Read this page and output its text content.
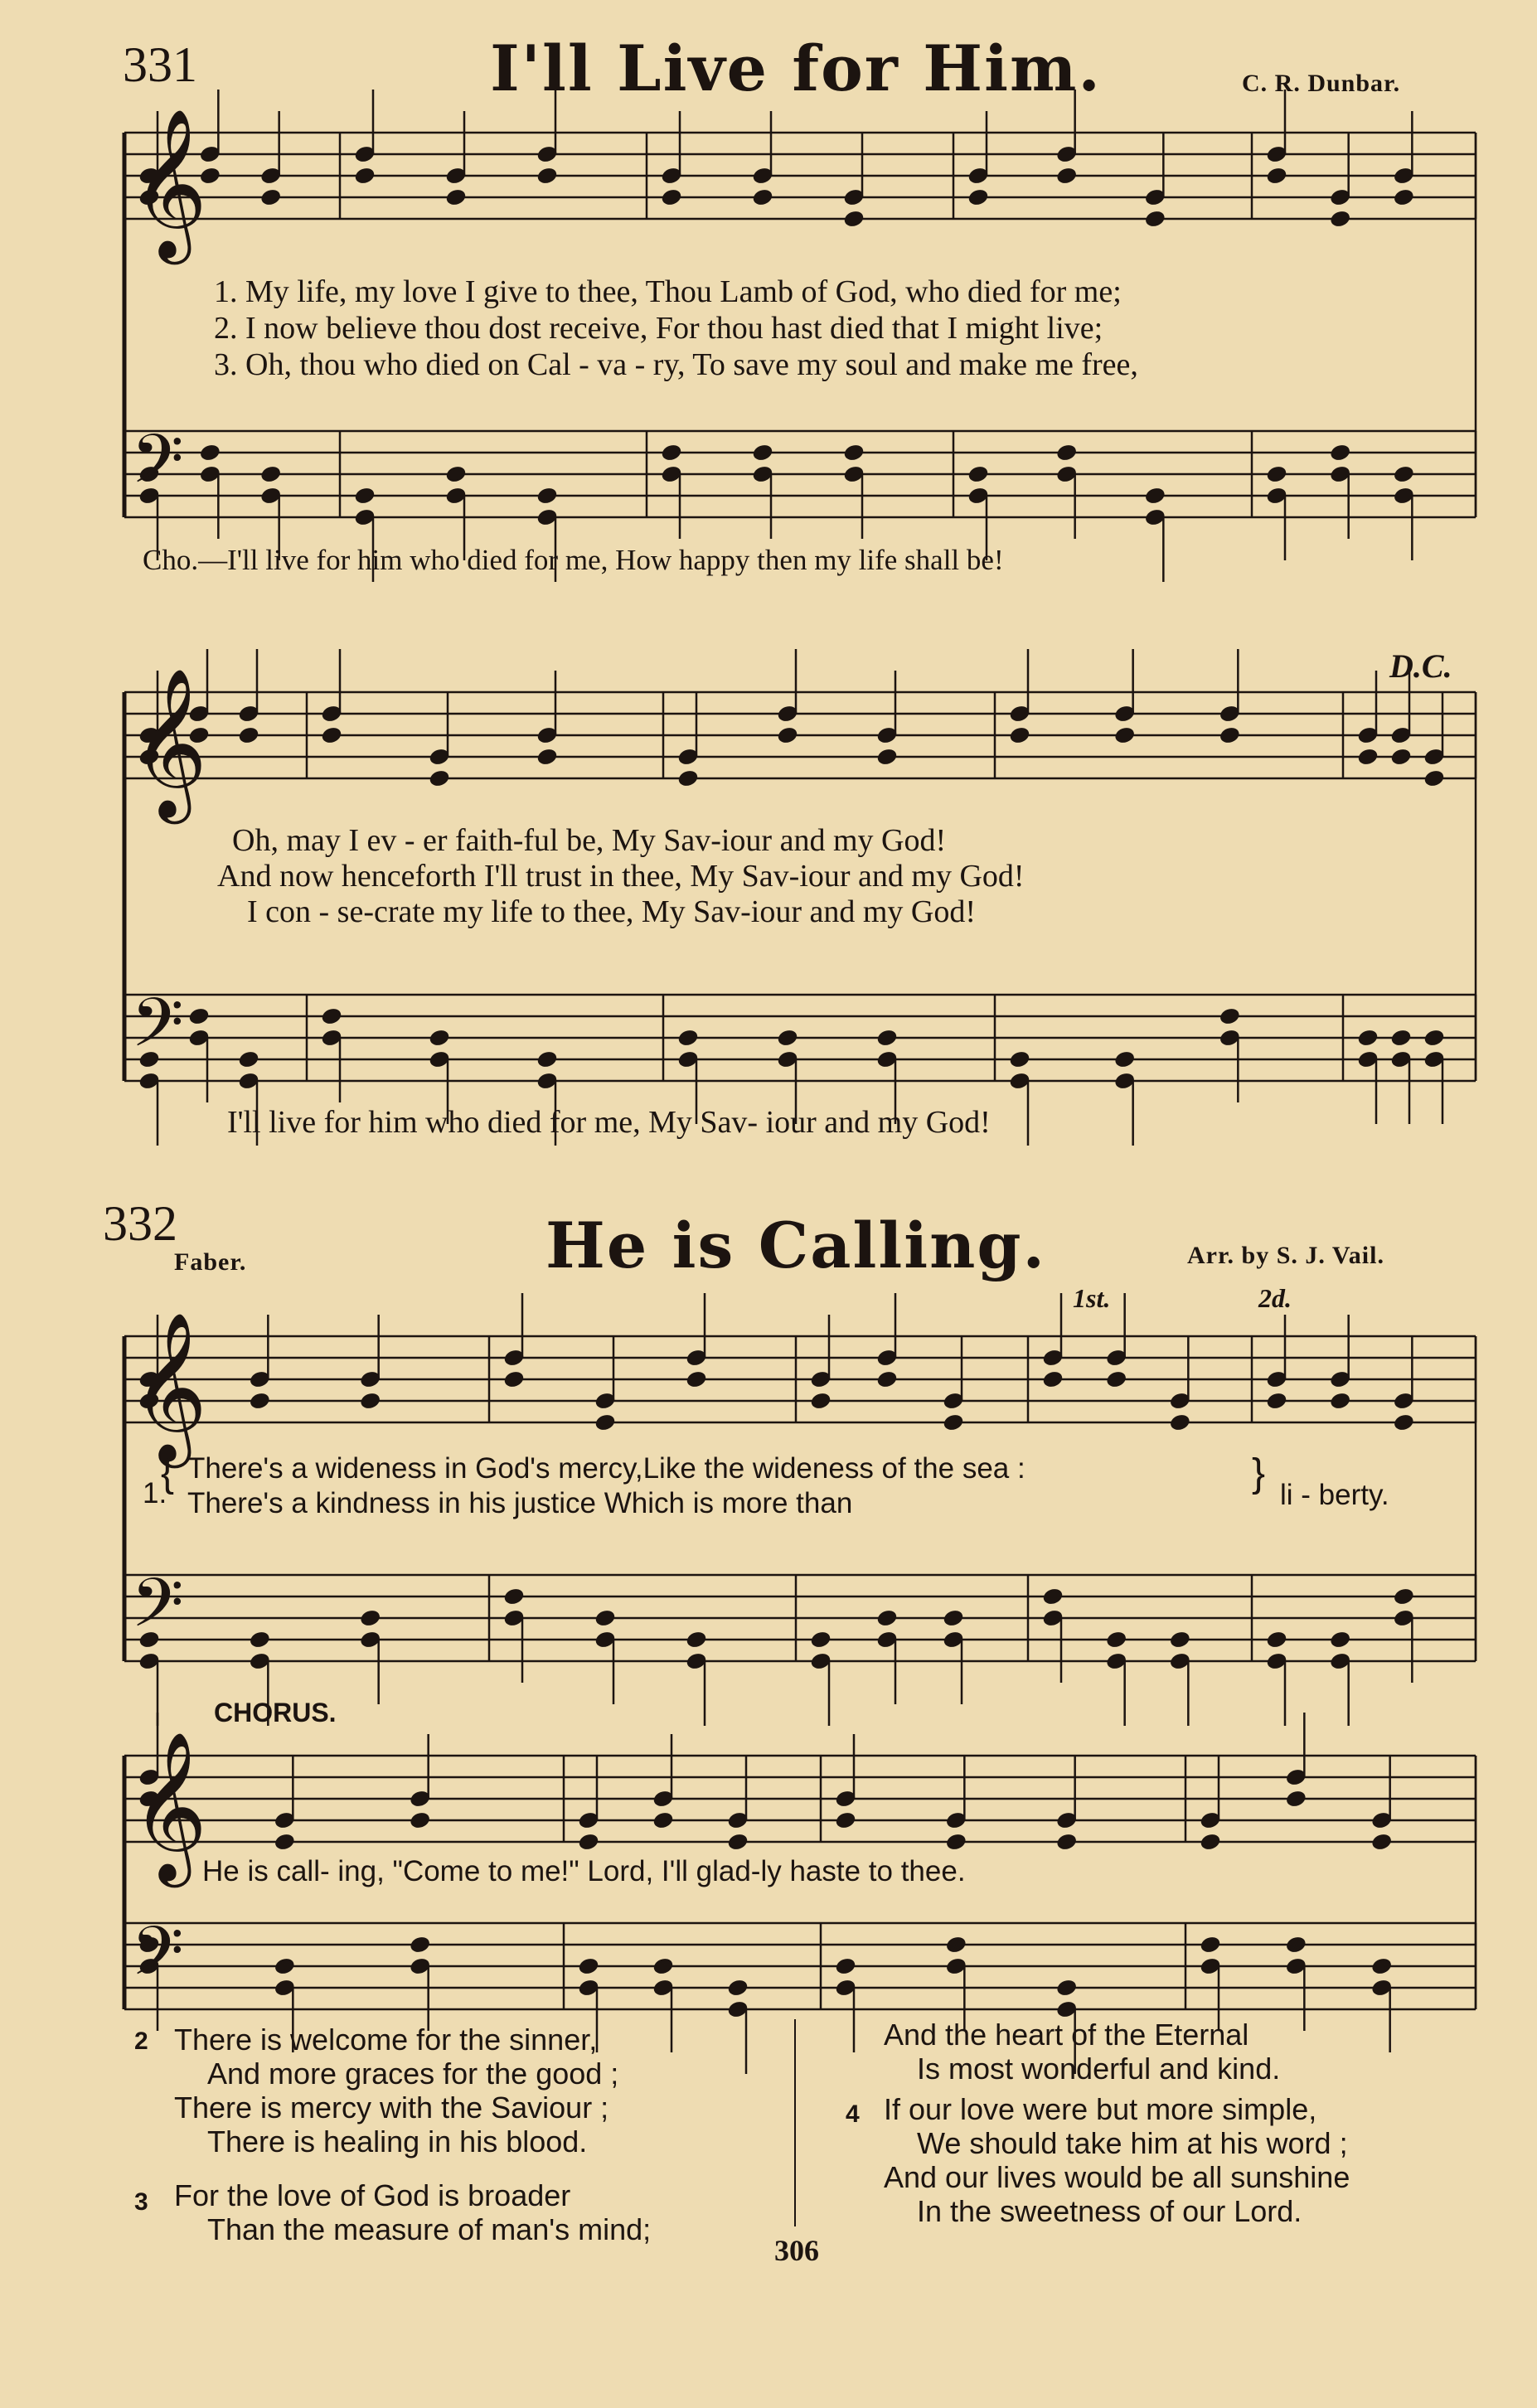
331	I'll Live for Him.	C. R. Dunbar.
𝄞
𝄢
𝄞
𝄢
𝄞
𝄢
𝄞
𝄢
1. My life, my love I give to thee, Thou Lamb of God, who died for me;
2. I now believe thou dost receive, For thou hast died that I might live;
3. Oh, thou who died on Cal - va - ry, To save my soul and make me free,
Cho.—I'll live for him who died for me, How happy then my life shall be!
D.C.
Oh, may I ev - er faith-ful be, My Sav-iour and my God!
And now henceforth I'll trust in thee, My Sav-iour and my God!
I con - se-crate my life to thee, My Sav-iour and my God!
I'll live for him who died for me, My Sav- iour and my God!
332
Faber.	He is Calling.	Arr. by S. J. Vail.
1st.	2d.
1.
{ There's a wideness in God's mercy,Like the wideness of the sea :
There's a kindness in his justice Which is more than
} li - berty.
CHORUS.
He is call- ing, "Come to me!" Lord, I'll glad-ly haste to thee.
2 There is welcome for the sinner,
And more graces for the good ;
There is mercy with the Saviour ;
There is healing in his blood.
3 For the love of God is broader
Than the measure of man's mind;
And the heart of the Eternal
Is most wonderful and kind.
4 If our love were but more simple,
We should take him at his word ;
And our lives would be all sunshine
In the sweetness of our Lord.
306
